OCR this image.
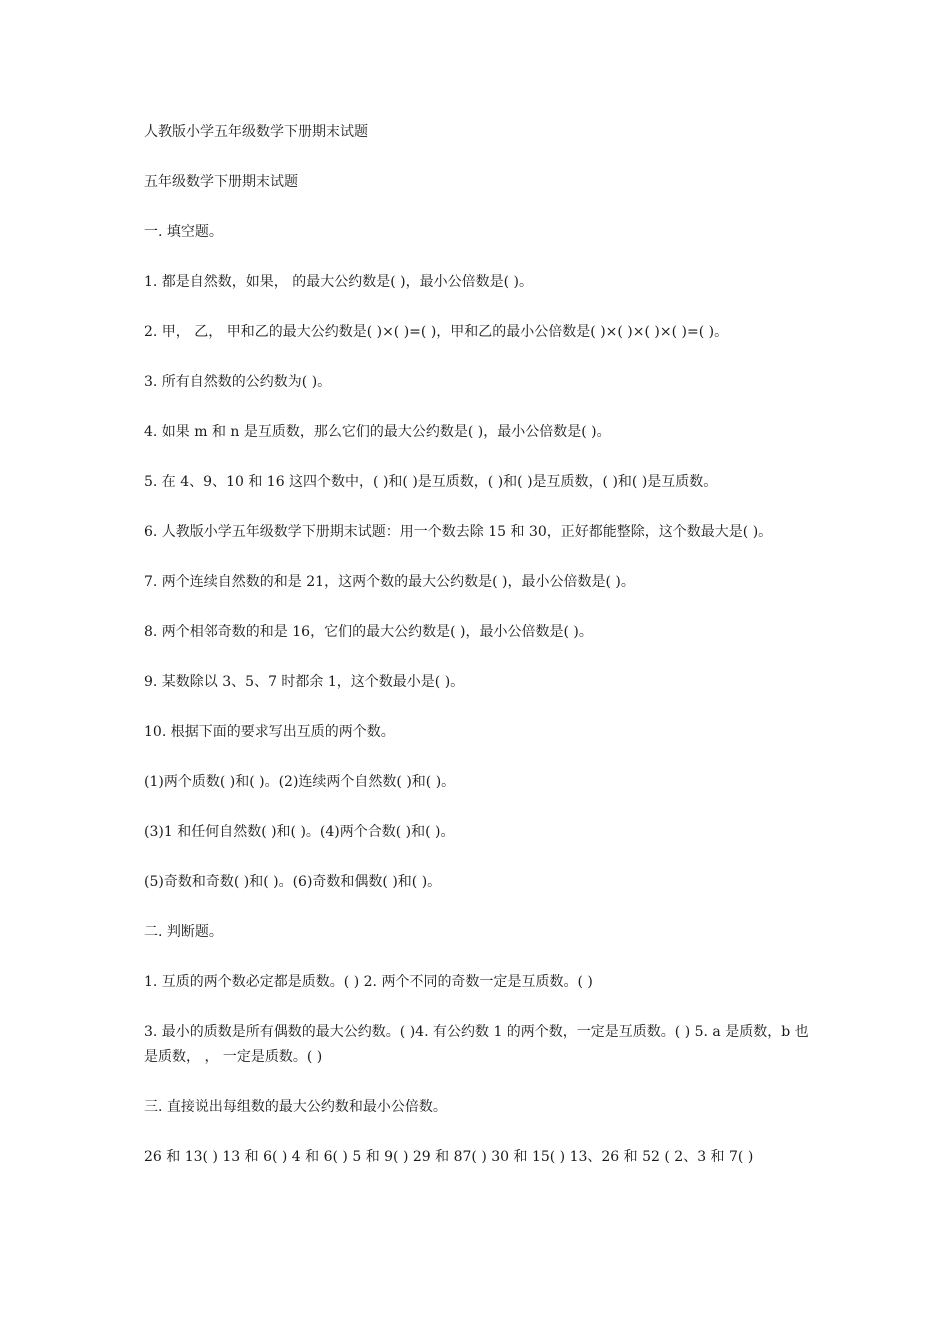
人教版小学五年级数学下册期末试题

五年级数学下册期末试题

一. 填空题。

1. 都是自然数，如果， 的最大公约数是( )，最小公倍数是( )。

2. 甲， 乙， 甲和乙的最大公约数是( )×( )=( )，甲和乙的最小公倍数是( )×( )×( )×( )=( )。

3. 所有自然数的公约数为( )。

4. 如果 m 和 n 是互质数，那么它们的最大公约数是( )，最小公倍数是( )。

5. 在 4、9、10 和 16 这四个数中，( )和( )是互质数，( )和( )是互质数，( )和( )是互质数。

6. 人教版小学五年级数学下册期末试题：用一个数去除 15 和 30，正好都能整除，这个数最大是( )。

7. 两个连续自然数的和是 21，这两个数的最大公约数是( )，最小公倍数是( )。

8. 两个相邻奇数的和是 16，它们的最大公约数是( )，最小公倍数是( )。

9. 某数除以 3、5、7 时都余 1，这个数最小是( )。

10. 根据下面的要求写出互质的两个数。

(1)两个质数( )和( )。(2)连续两个自然数( )和( )。

(3)1 和任何自然数( )和( )。(4)两个合数( )和( )。

(5)奇数和奇数( )和( )。(6)奇数和偶数( )和( )。

二. 判断题。

1. 互质的两个数必定都是质数。( ) 2. 两个不同的奇数一定是互质数。( )

3. 最小的质数是所有偶数的最大公约数。( )4. 有公约数 1 的两个数，一定是互质数。( ) 5. a 是质数，b 也是质数， ， 一定是质数。( )

三. 直接说出每组数的最大公约数和最小公倍数。

26 和 13( ) 13 和 6( ) 4 和 6( ) 5 和 9( ) 29 和 87( ) 30 和 15( ) 13、26 和 52 ( 2、3 和 7( )
